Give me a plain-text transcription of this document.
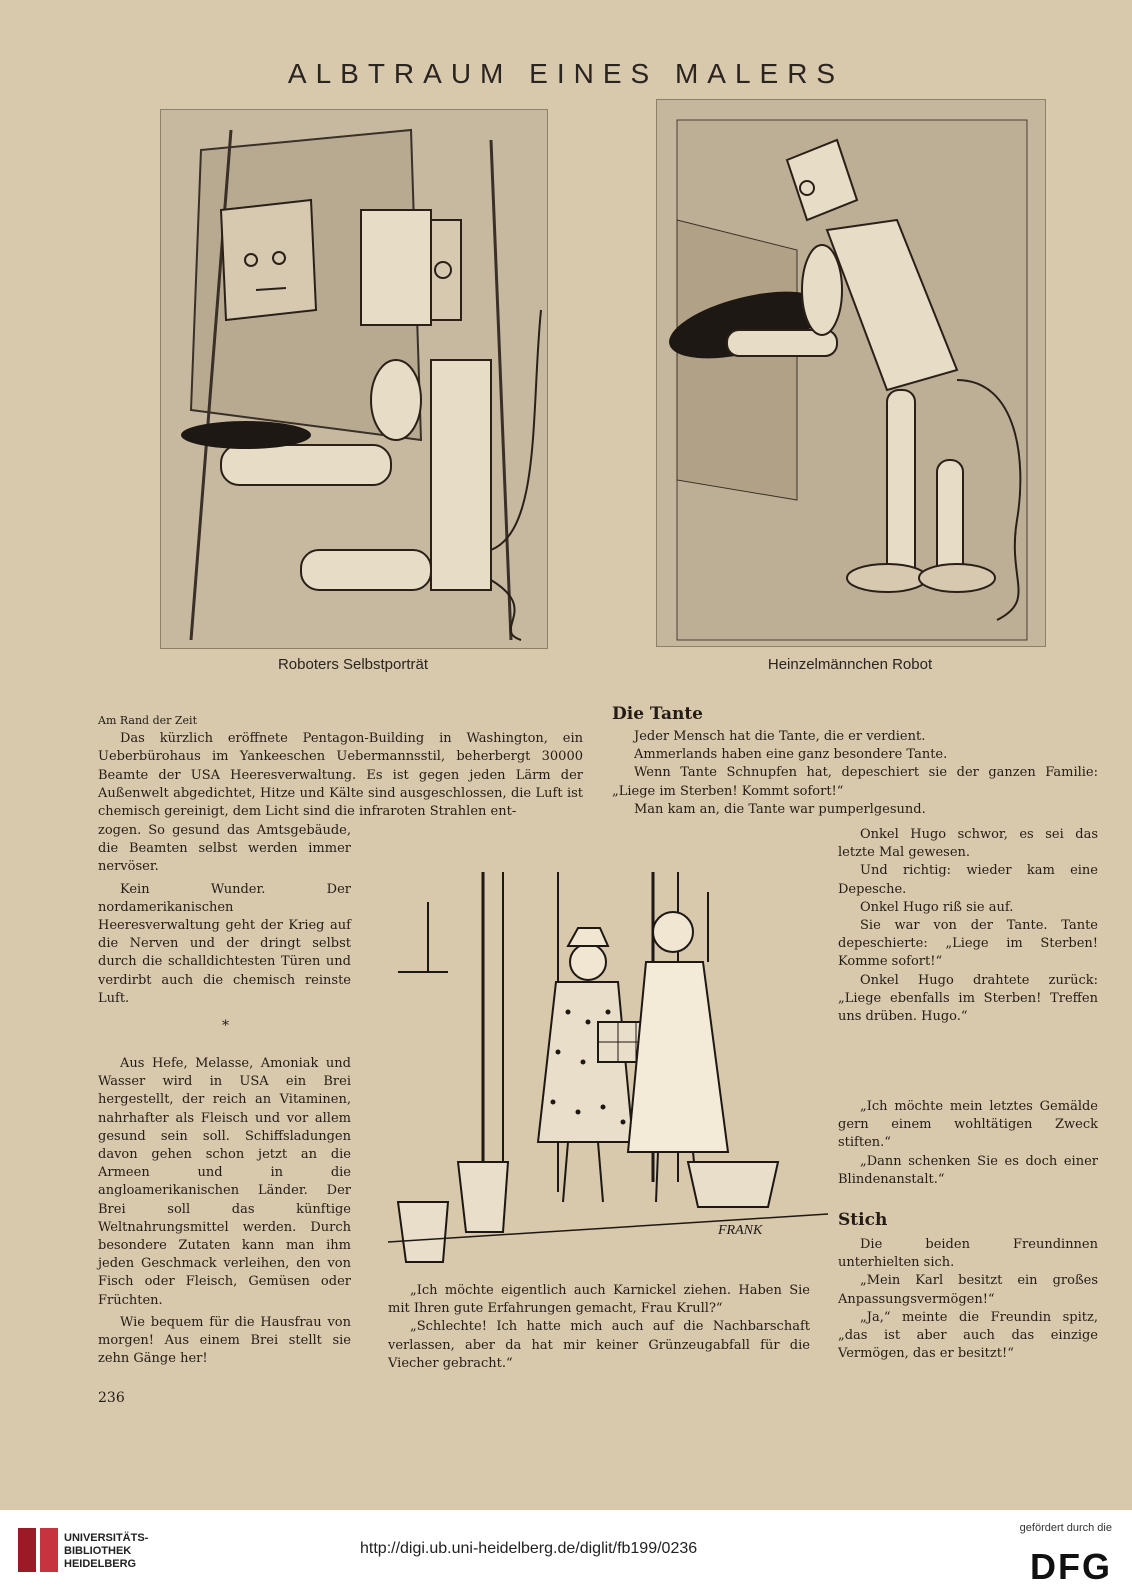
ALBTRAUM EINES MALERS
Roboters Selbstporträt	Heinzelmännchen Robot

Am Rand der Zeit

Das kürzlich eröffnete Pentagon-Building in Washington, ein Ueberbürohaus im Yankeeschen Uebermannsstil, beherbergt 30000 Beamte der USA Heeresverwaltung. Es ist gegen jeden Lärm der Außenwelt abgedichtet, Hitze und Kälte sind ausgeschlossen, die Luft ist chemisch gereinigt, dem Licht sind die infraroten Strahlen ent-

zogen. So gesund das Amtsgebäude, die Beamten selbst werden immer nervöser.

Kein Wunder. Der nordamerikanischen Heeresverwaltung geht der Krieg auf die Nerven und der dringt selbst durch die schalldichtesten Türen und verdirbt auch die chemisch reinste Luft.

*

Aus Hefe, Melasse, Amoniak und Wasser wird in USA ein Brei hergestellt, der reich an Vitaminen, nahrhafter als Fleisch und vor allem gesund sein soll. Schiffsladungen davon gehen schon jetzt an die Armeen und in die angloamerikanischen Länder. Der Brei soll das künftige Weltnahrungsmittel werden. Durch besondere Zutaten kann man ihm jeden Geschmack verleihen, den von Fisch oder Fleisch, Gemüsen oder Früchten.

Wie bequem für die Hausfrau von morgen! Aus einem Brei stellt sie zehn Gänge her!

236
Die Tante

Jeder Mensch hat die Tante, die er verdient.

Ammerlands haben eine ganz besondere Tante.

Wenn Tante Schnupfen hat, depeschiert sie der ganzen Familie: „Liege im Sterben! Kommt sofort!“

Man kam an, die Tante war pumperlgesund.

Onkel Hugo schwor, es sei das letzte Mal gewesen.

Und richtig: wieder kam eine Depesche.

Onkel Hugo riß sie auf.

Sie war von der Tante. Tante depeschierte: „Liege im Sterben! Komme sofort!“

Onkel Hugo drahtete zurück: „Liege ebenfalls im Sterben! Treffen uns drüben. Hugo.“

„Ich möchte mein letztes Gemälde gern einem wohltätigen Zweck stiften.“

„Dann schenken Sie es doch einer Blindenanstalt.“

Stich

Die beiden Freundinnen unterhielten sich.

„Mein Karl besitzt ein großes Anpassungsvermögen!“

„Ja,“ meinte die Freundin spitz, „das ist aber auch das einzige Vermögen, das er besitzt!“

FRANK

„Ich möchte eigentlich auch Karnickel ziehen. Haben Sie mit Ihren gute Erfahrungen gemacht, Frau Krull?“

„Schlechte! Ich hatte mich auch auf die Nachbarschaft verlassen, aber da hat mir keiner Grünzeugabfall für die Viecher gebracht.“

UNIVERSITÄTS-
BIBLIOTHEK
HEIDELBERG
http://digi.ub.uni-heidelberg.de/diglit/fb199/0236
gefördert durch die
DFG
